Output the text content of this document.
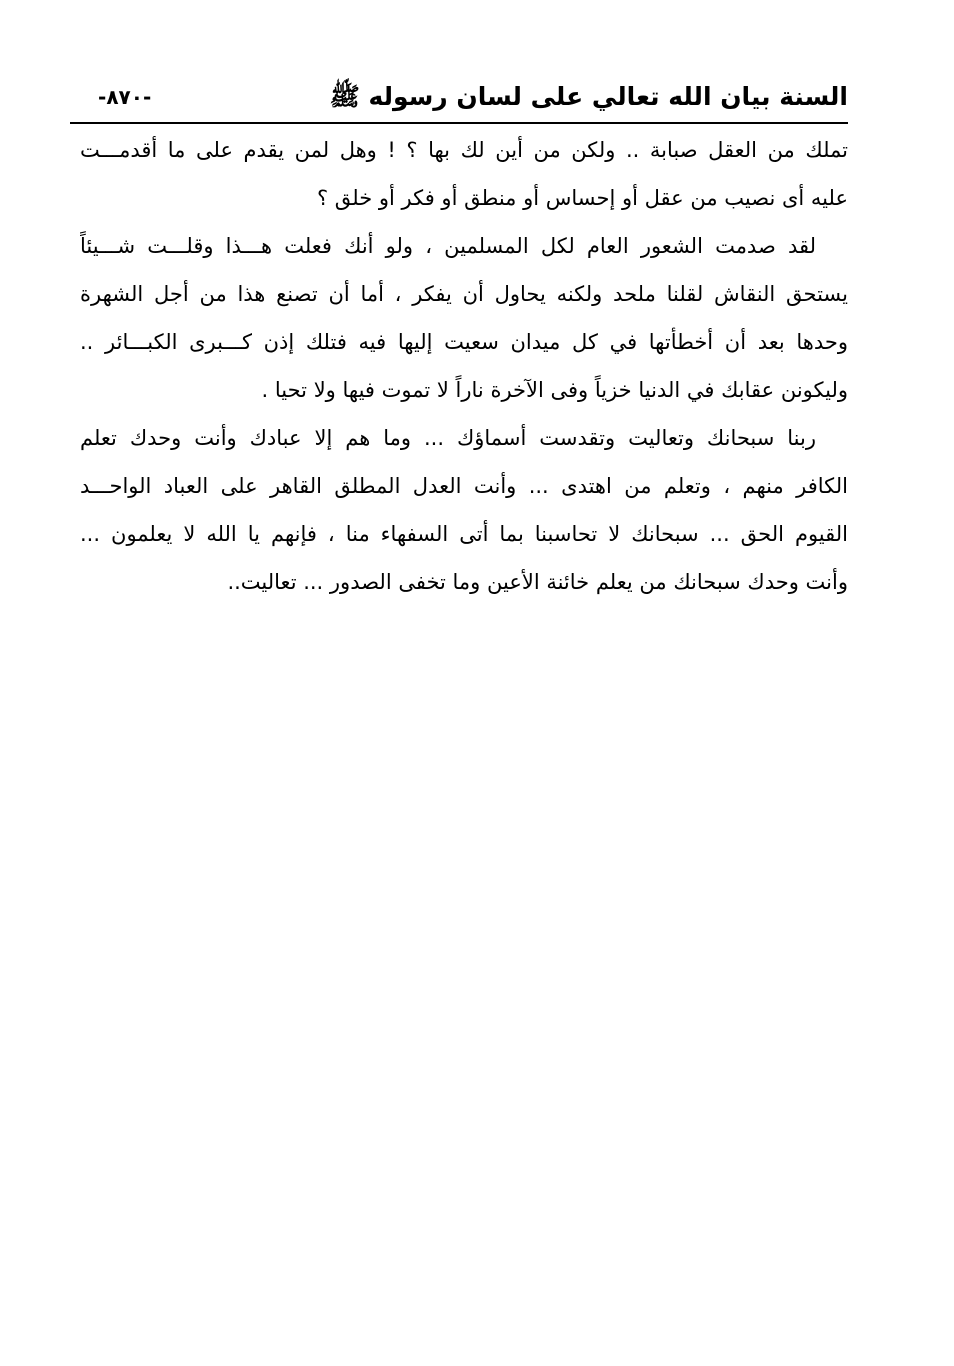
السنة بيان الله تعالي على لسان رسوله ﷺ
-٨٧٠-
تملك من العقل صبابة .. ولكن من أين لك بها ؟ ! وهل لمن يقدم على ما أقدمـــت
عليه أى نصيب من عقل أو إحساس أو منطق أو فكر أو خلق ؟
لقد صدمت الشعور العام لكل المسلمين ، ولو أنك فعلت هـــذا وقلـــت شـــيئاً
يستحق النقاش لقلنا ملحد ولكنه يحاول أن يفكر ، أما أن تصنع هذا من أجل الشهرة
وحدها بعد أن أخطأتها في كل ميدان سعيت إليها فيه فتلك إذن كـــبرى الكبـــائر ..
وليكونن عقابك في الدنيا خزياً وفى الآخرة ناراً لا تموت فيها ولا تحيا .
ربنا سبحانك وتعاليت وتقدست أسماؤك ... وما هم إلا عبادك وأنت وحدك تعلم
الكافر منهم ، وتعلم من اهتدى ... وأنت العدل المطلق القاهر على العباد الواحـــد
القيوم الحق ... سبحانك لا تحاسبنا بما أتى السفهاء منا ، فإنهم يا الله لا يعلمون ...
وأنت وحدك سبحانك من يعلم خائنة الأعين وما تخفى الصدور ... تعاليت..
